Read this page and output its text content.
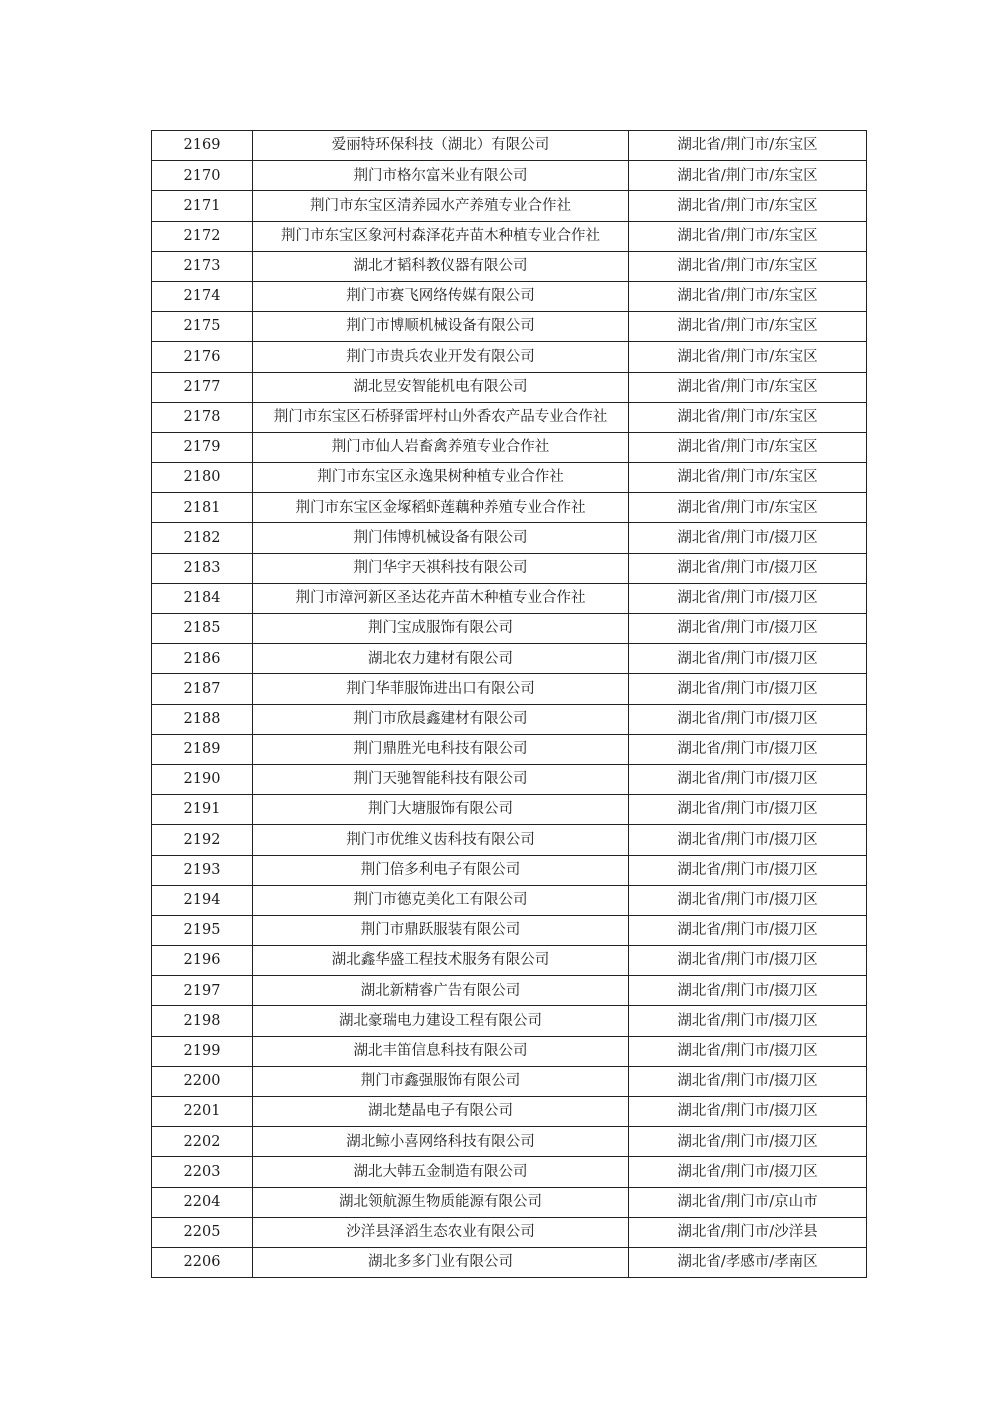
2169	爱丽特环保科技（湖北）有限公司	湖北省/荆门市/东宝区
2170	荆门市格尔富米业有限公司	湖北省/荆门市/东宝区
2171	荆门市东宝区清养园水产养殖专业合作社	湖北省/荆门市/东宝区
2172	荆门市东宝区象河村森泽花卉苗木种植专业合作社	湖北省/荆门市/东宝区
2173	湖北才韬科教仪器有限公司	湖北省/荆门市/东宝区
2174	荆门市赛飞网络传媒有限公司	湖北省/荆门市/东宝区
2175	荆门市博顺机械设备有限公司	湖北省/荆门市/东宝区
2176	荆门市贵兵农业开发有限公司	湖北省/荆门市/东宝区
2177	湖北昱安智能机电有限公司	湖北省/荆门市/东宝区
2178	荆门市东宝区石桥驿雷坪村山外香农产品专业合作社	湖北省/荆门市/东宝区
2179	荆门市仙人岩畜禽养殖专业合作社	湖北省/荆门市/东宝区
2180	荆门市东宝区永逸果树种植专业合作社	湖北省/荆门市/东宝区
2181	荆门市东宝区金塚稻虾莲藕种养殖专业合作社	湖北省/荆门市/东宝区
2182	荆门伟博机械设备有限公司	湖北省/荆门市/掇刀区
2183	荆门华宇天祺科技有限公司	湖北省/荆门市/掇刀区
2184	荆门市漳河新区圣达花卉苗木种植专业合作社	湖北省/荆门市/掇刀区
2185	荆门宝成服饰有限公司	湖北省/荆门市/掇刀区
2186	湖北农力建材有限公司	湖北省/荆门市/掇刀区
2187	荆门华菲服饰进出口有限公司	湖北省/荆门市/掇刀区
2188	荆门市欣晨鑫建材有限公司	湖北省/荆门市/掇刀区
2189	荆门鼎胜光电科技有限公司	湖北省/荆门市/掇刀区
2190	荆门天驰智能科技有限公司	湖北省/荆门市/掇刀区
2191	荆门大塘服饰有限公司	湖北省/荆门市/掇刀区
2192	荆门市优维义齿科技有限公司	湖北省/荆门市/掇刀区
2193	荆门倍多利电子有限公司	湖北省/荆门市/掇刀区
2194	荆门市德克美化工有限公司	湖北省/荆门市/掇刀区
2195	荆门市鼎跃服装有限公司	湖北省/荆门市/掇刀区
2196	湖北鑫华盛工程技术服务有限公司	湖北省/荆门市/掇刀区
2197	湖北新精睿广告有限公司	湖北省/荆门市/掇刀区
2198	湖北豪瑞电力建设工程有限公司	湖北省/荆门市/掇刀区
2199	湖北丰笛信息科技有限公司	湖北省/荆门市/掇刀区
2200	荆门市鑫强服饰有限公司	湖北省/荆门市/掇刀区
2201	湖北楚晶电子有限公司	湖北省/荆门市/掇刀区
2202	湖北鲸小喜网络科技有限公司	湖北省/荆门市/掇刀区
2203	湖北大韩五金制造有限公司	湖北省/荆门市/掇刀区
2204	湖北领航源生物质能源有限公司	湖北省/荆门市/京山市
2205	沙洋县泽滔生态农业有限公司	湖北省/荆门市/沙洋县
2206	湖北多多门业有限公司	湖北省/孝感市/孝南区
